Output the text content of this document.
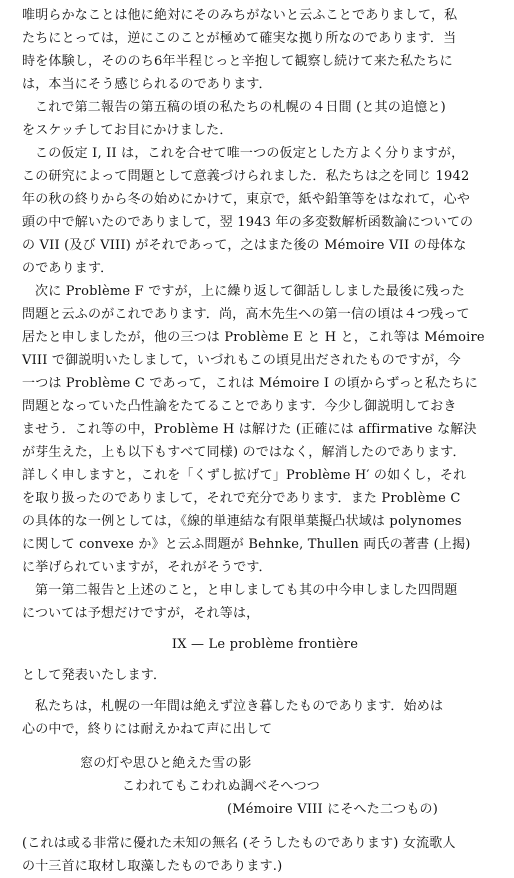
唯明らかなことは他に絶対にそのみちがないと云ふことでありまして，私
たちにとっては，逆にこのことが極めて確実な拠り所なのであります．当
時を体験し，そののち6年半程じっと辛抱して観察し続けて来た私たちに
は，本当にそう感じられるのであります．
これで第二報告の第五稿の頃の私たちの札幌の４日間 (と其の追憶と)
をスケッチしてお目にかけました．
この仮定 I, II は，これを合せて唯一つの仮定とした方よく分りますが，
この研究によって問題として意義づけられました．私たちは之を同じ 1942
年の秋の終りから冬の始めにかけて，東京で，紙や鉛筆等をはなれて，心や
頭の中で解いたのでありまして，翌 1943 年の多変数解析函数論についての
の VII (及び VIII) がそれであって，之はまた後の Mémoire VII の母体な
のであります．
次に Problème F ですが，上に繰り返して御話ししました最後に残った
問題と云ふのがこれであります．尚，高木先生への第一信の頃は４つ残って
居たと申しましたが，他の三つは Problème E と H と，これ等は Mémoire
VIII で御説明いたしまして，いづれもこの頃見出だされたものですが，今
一つは Problème C であって，これは Mémoire I の頃からずっと私たちに
問題となっていた凸性論をたてることであります．今少し御説明しておき
ませう．これ等の中，Problème H は解けた (正確には affirmative な解決
が芽生えた，上も以下もすべて同様) のではなく，解消したのであります．
詳しく申しますと，これを「くずし拡げて」Problème H′ の如くし，それ
を取り扱ったのでありまして，それで充分であります．また Problème C
の具体的な一例としては，《線的単連結な有限単葉擬凸状域は polynomes
に関して convexe か》と云ふ問題が Behnke, Thullen 両氏の著書 (上揭)
に挙げられていますが，それがそうです．
第一第二報告と上述のこと，と申しましても其の中今申しました四問題
については予想だけですが，それ等は，
IX — Le problème frontière
として発表いたします．
私たちは，札幌の一年間は絶えず泣き暮したものであります．始めは
心の中で，終りには耐えかねて声に出して
窓の灯や思ひと絶えた雪の影
こわれてもこわれぬ調べそへつつ
(Mémoire VIII にそへた二つもの)
(これは或る非常に優れた未知の無名 (そうしたものであります) 女流歌人
の十三首に取材し取藻したものであります.)
